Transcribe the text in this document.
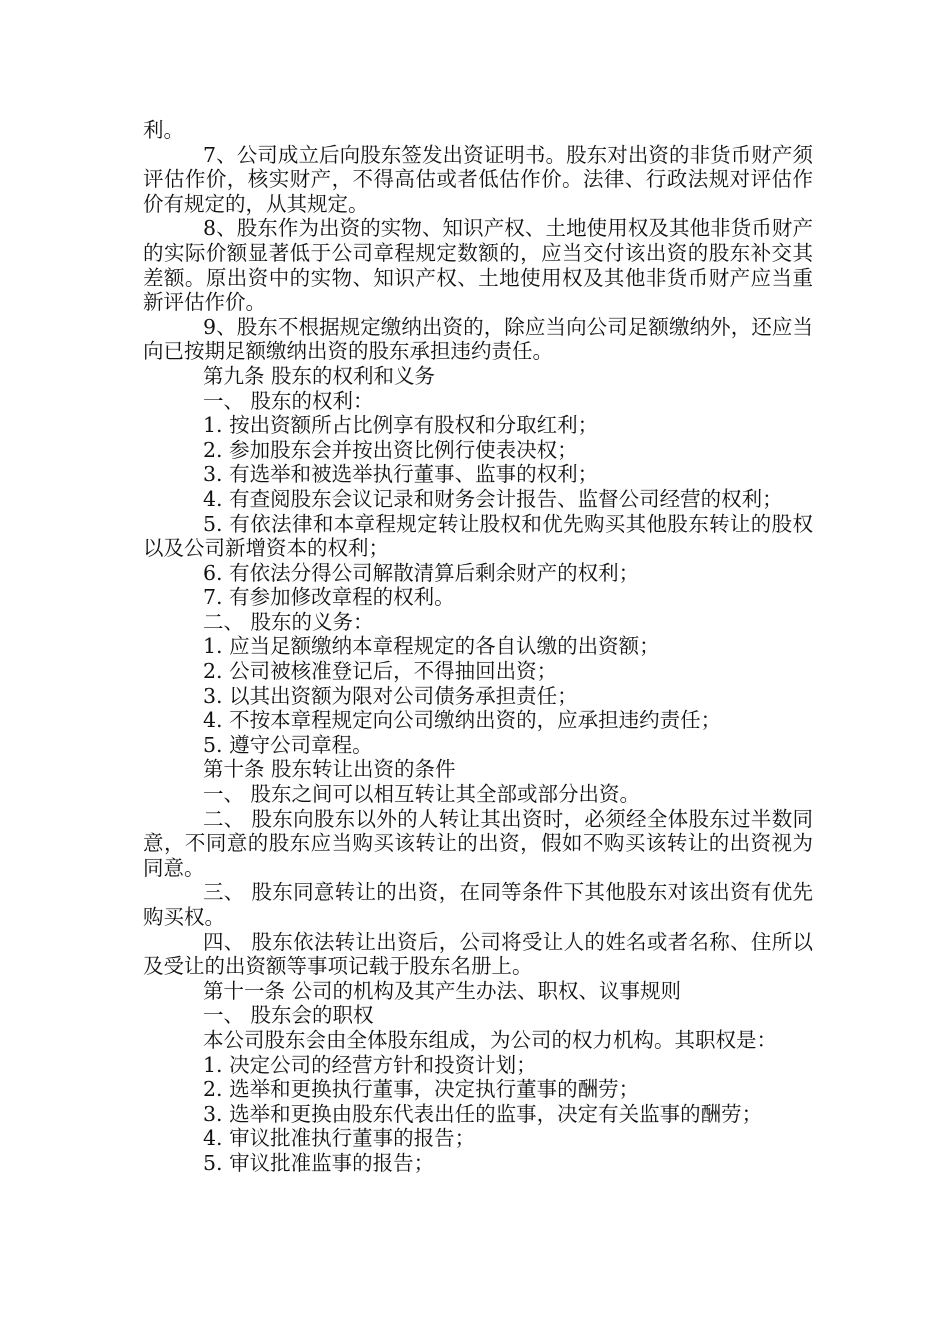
利。

7、公司成立后向股东签发出资证明书。股东对出资的非货币财产须评估作价，核实财产，不得高估或者低估作价。法律、行政法规对评估作价有规定的，从其规定。

8、股东作为出资的实物、知识产权、土地使用权及其他非货币财产的实际价额显著低于公司章程规定数额的，应当交付该出资的股东补交其差额。原出资中的实物、知识产权、土地使用权及其他非货币财产应当重新评估作价。

9、股东不根据规定缴纳出资的，除应当向公司足额缴纳外，还应当向已按期足额缴纳出资的股东承担违约责任。

第九条 股东的权利和义务

一、 股东的权利：

1. 按出资额所占比例享有股权和分取红利；

2. 参加股东会并按出资比例行使表决权；

3. 有选举和被选举执行董事、监事的权利；

4. 有查阅股东会议记录和财务会计报告、监督公司经营的权利；

5. 有依法律和本章程规定转让股权和优先购买其他股东转让的股权以及公司新增资本的权利；

6. 有依法分得公司解散清算后剩余财产的权利；

7. 有参加修改章程的权利。

二、 股东的义务：

1. 应当足额缴纳本章程规定的各自认缴的出资额；

2. 公司被核准登记后，不得抽回出资；

3. 以其出资额为限对公司债务承担责任；

4. 不按本章程规定向公司缴纳出资的，应承担违约责任；

5. 遵守公司章程。

第十条 股东转让出资的条件

一、 股东之间可以相互转让其全部或部分出资。

二、 股东向股东以外的人转让其出资时，必须经全体股东过半数同意，不同意的股东应当购买该转让的出资，假如不购买该转让的出资视为同意。

三、 股东同意转让的出资，在同等条件下其他股东对该出资有优先购买权。

四、 股东依法转让出资后，公司将受让人的姓名或者名称、住所以及受让的出资额等事项记载于股东名册上。

第十一条 公司的机构及其产生办法、职权、议事规则

一、 股东会的职权

本公司股东会由全体股东组成，为公司的权力机构。其职权是：

1. 决定公司的经营方针和投资计划；

2. 选举和更换执行董事，决定执行董事的酬劳；

3. 选举和更换由股东代表出任的监事，决定有关监事的酬劳；

4. 审议批准执行董事的报告；

5. 审议批准监事的报告；
